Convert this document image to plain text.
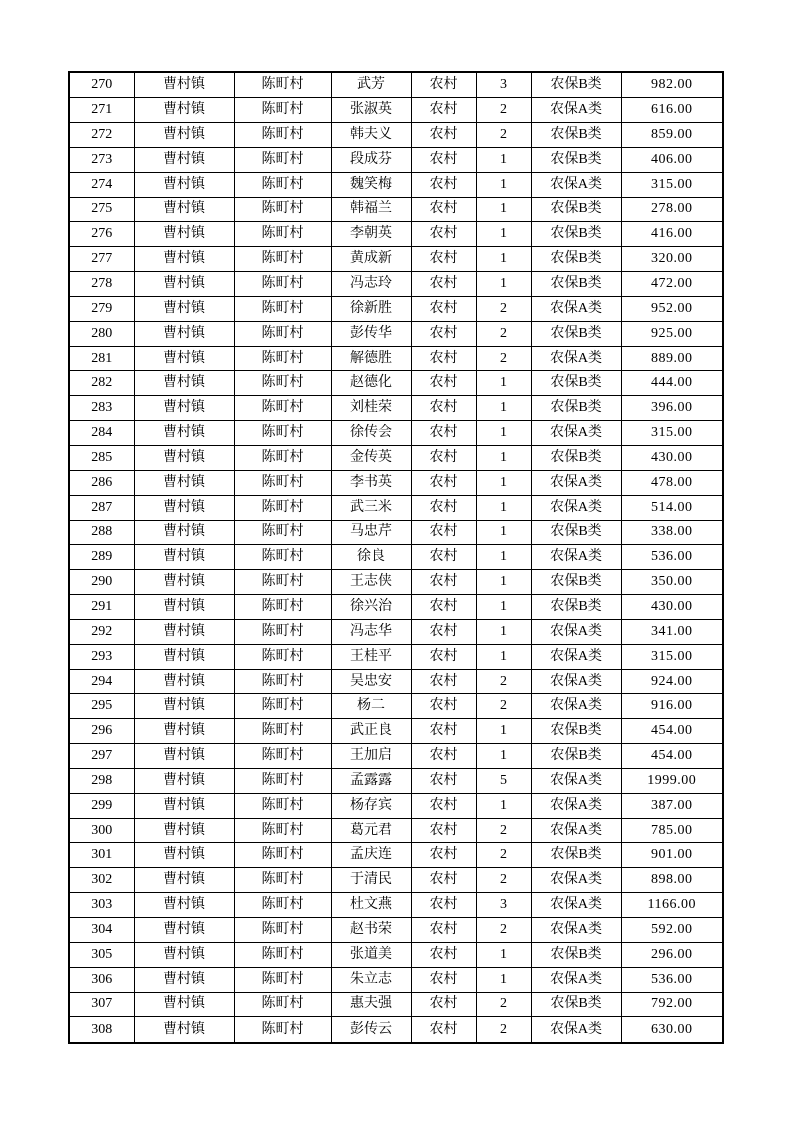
270	曹村镇	陈町村	武芳	农村	3	农保B类	982.00
271	曹村镇	陈町村	张淑英	农村	2	农保A类	616.00
272	曹村镇	陈町村	韩夫义	农村	2	农保B类	859.00
273	曹村镇	陈町村	段成芬	农村	1	农保B类	406.00
274	曹村镇	陈町村	魏笑梅	农村	1	农保A类	315.00
275	曹村镇	陈町村	韩福兰	农村	1	农保B类	278.00
276	曹村镇	陈町村	李朝英	农村	1	农保B类	416.00
277	曹村镇	陈町村	黄成新	农村	1	农保B类	320.00
278	曹村镇	陈町村	冯志玲	农村	1	农保B类	472.00
279	曹村镇	陈町村	徐新胜	农村	2	农保A类	952.00
280	曹村镇	陈町村	彭传华	农村	2	农保B类	925.00
281	曹村镇	陈町村	解德胜	农村	2	农保A类	889.00
282	曹村镇	陈町村	赵德化	农村	1	农保B类	444.00
283	曹村镇	陈町村	刘桂荣	农村	1	农保B类	396.00
284	曹村镇	陈町村	徐传会	农村	1	农保A类	315.00
285	曹村镇	陈町村	金传英	农村	1	农保B类	430.00
286	曹村镇	陈町村	李书英	农村	1	农保A类	478.00
287	曹村镇	陈町村	武三米	农村	1	农保A类	514.00
288	曹村镇	陈町村	马忠芹	农村	1	农保B类	338.00
289	曹村镇	陈町村	徐良	农村	1	农保A类	536.00
290	曹村镇	陈町村	王志侠	农村	1	农保B类	350.00
291	曹村镇	陈町村	徐兴治	农村	1	农保B类	430.00
292	曹村镇	陈町村	冯志华	农村	1	农保A类	341.00
293	曹村镇	陈町村	王桂平	农村	1	农保A类	315.00
294	曹村镇	陈町村	吴忠安	农村	2	农保A类	924.00
295	曹村镇	陈町村	杨二	农村	2	农保A类	916.00
296	曹村镇	陈町村	武正良	农村	1	农保B类	454.00
297	曹村镇	陈町村	王加启	农村	1	农保B类	454.00
298	曹村镇	陈町村	孟露露	农村	5	农保A类	1999.00
299	曹村镇	陈町村	杨存宾	农村	1	农保A类	387.00
300	曹村镇	陈町村	葛元君	农村	2	农保A类	785.00
301	曹村镇	陈町村	孟庆连	农村	2	农保B类	901.00
302	曹村镇	陈町村	于清民	农村	2	农保A类	898.00
303	曹村镇	陈町村	杜文燕	农村	3	农保A类	1166.00
304	曹村镇	陈町村	赵书荣	农村	2	农保A类	592.00
305	曹村镇	陈町村	张道美	农村	1	农保B类	296.00
306	曹村镇	陈町村	朱立志	农村	1	农保A类	536.00
307	曹村镇	陈町村	惠夫强	农村	2	农保B类	792.00
308	曹村镇	陈町村	彭传云	农村	2	农保A类	630.00
